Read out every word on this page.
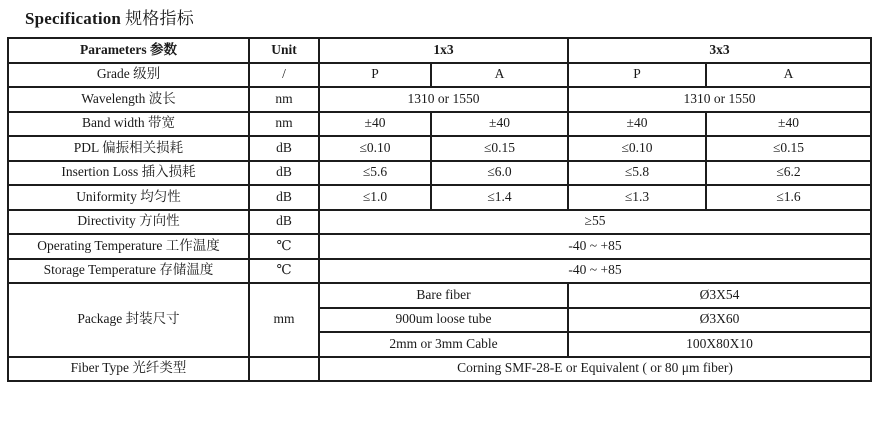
Specification 规格指标
Parameters 参数	Unit	1x3		3x3	
Grade 级别	/	P	A	P	A
Wavelength 波长	nm	1310 or 1550		1310 or 1550	
Band width 带宽	nm	±40	±40	±40	±40
PDL 偏振相关损耗	dB	≤0.10	≤0.15	≤0.10	≤0.15
Insertion Loss 插入损耗	dB	≤5.6	≤6.0	≤5.8	≤6.2
Uniformity 均匀性	dB	≤1.0	≤1.4	≤1.3	≤1.6
Directivity 方向性	dB	≥55			
Operating Temperature 工作温度	℃	-40 ~ +85			
Storage Temperature 存储温度	℃	-40 ~ +85			
Package 封装尺寸	mm	Bare fiber		Ø3X54	
		900um loose tube		Ø3X60	
		2mm or 3mm Cable		100X80X10	
Fiber Type 光纤类型		Corning SMF-28-E or Equivalent ( or 80 μm fiber)			
